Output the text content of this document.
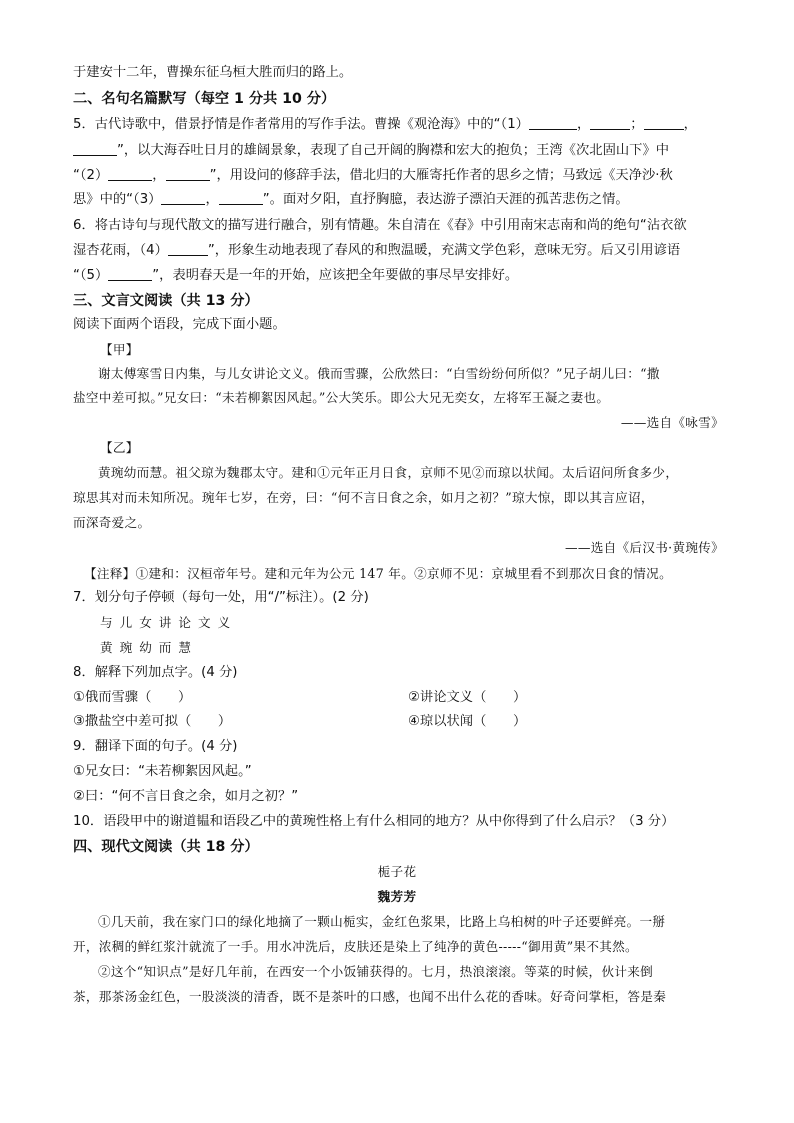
于建安十二年，曹操东征乌桓大胜而归的路上。
二、名句名篇默写（每空 1 分共 10 分）
5．古代诗歌中，借景抒情是作者常用的写作手法。曹操《观沧海》中的“（1）	，	；	，
”，以大海吞吐日月的雄阔景象，表现了自己开阔的胸襟和宏大的抱负；王湾《次北固山下》中
“（2）	，	”，用设问的修辞手法，借北归的大雁寄托作者的思乡之情；马致远《天净沙·秋
思》中的“（3）	，	”。面对夕阳，直抒胸臆，表达游子漂泊天涯的孤苦悲伤之情。
6．将古诗句与现代散文的描写进行融合，别有情趣。朱自清在《春》中引用南宋志南和尚的绝句“沾衣欲
湿杏花雨，（4）	”，形象生动地表现了春风的和煦温暖，充满文学色彩，意味无穷。后又引用谚语
“（5）	”，表明春天是一年的开始，应该把全年要做的事尽早安排好。
三、文言文阅读（共 13 分）
阅读下面两个语段，完成下面小题。
【甲】
谢太傅寒雪日内集，与儿女讲论文义。俄而雪骤，公欣然曰：“白雪纷纷何所似？”兄子胡儿曰：“撒
盐空中差可拟。”兄女曰：“未若柳絮因风起。”公大笑乐。即公大兄无奕女，左将军王凝之妻也。
——选自《咏雪》
【乙】
黄琬幼而慧。祖父琼为魏郡太守。建和①元年正月日食，京师不见②而琼以状闻。太后诏问所食多少，
琼思其对而未知所况。琬年七岁，在旁，曰：“何不言日食之余，如月之初？”琼大惊，即以其言应诏，
而深奇爱之。
——选自《后汉书·黄琬传》
【注释】①建和：汉桓帝年号。建和元年为公元 147 年。②京师不见：京城里看不到那次日食的情况。
7．划分句子停顿（每句一处，用“/”标注）。(2 分)
与儿女讲论文义
黄琬幼而慧
8．解释下列加点字。(4 分)
①俄而雪骤（　　）	②讲论文义（　　）
③撒盐空中差可拟（　　）	④琼以状闻（　　）
9．翻译下面的句子。(4 分)
①兄女曰：“未若柳絮因风起。”
②曰：“何不言日食之余，如月之初？”
10．语段甲中的谢道韫和语段乙中的黄琬性格上有什么相同的地方？从中你得到了什么启示？（3 分）
四、现代文阅读（共 18 分）
栀子花
魏芳芳
①几天前，我在家门口的绿化地摘了一颗山栀实，金红色浆果，比路上乌桕树的叶子还要鲜亮。一掰
开，浓稠的鲜红浆汁就流了一手。用水冲洗后，皮肤还是染上了纯净的黄色-----“御用黄”果不其然。
②这个“知识点”是好几年前，在西安一个小饭铺获得的。七月，热浪滚滚。等菜的时候，伙计来倒
茶，那茶汤金红色，一股淡淡的清香，既不是茶叶的口感，也闻不出什么花的香味。好奇问掌柜，答是秦
